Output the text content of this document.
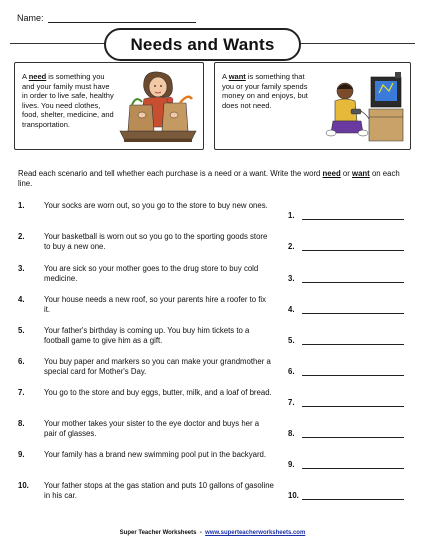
Name:
Needs and Wants
A need is something you and your family must have in order to live safe, healthy lives. You need clothes, food, shelter, medicine, and transportation.
A want is something that you or your family spends money on and enjoys, but does not need.
Read each scenario and tell whether each purchase is a need or a want. Write the word need or want on each line.
1. Your socks are worn out, so you go to the store to buy new ones.
1.
2. Your basketball is worn out so you go to the sporting goods store to buy a new one.	2.
3. You are sick so your mother goes to the drug store to buy cold medicine.	3.
4. Your house needs a new roof, so your parents hire a roofer to fix it.	4.
5. Your father's birthday is coming up. You buy him tickets to a football game to give him as a gift.	5.
6. You buy paper and markers so you can make your grandmother a special card for Mother's Day.	6.
7. You go to the store and buy eggs, butter, milk, and a loaf of bread.
7.
8. Your mother takes your sister to the eye doctor and buys her a pair of glasses.	8.
9. Your family has a brand new swimming pool put in the backyard.
9.
10. Your father stops at the gas station and puts 10 gallons of gasoline in his car.	10.
Super Teacher Worksheets  -  www.superteacherworksheets.com
